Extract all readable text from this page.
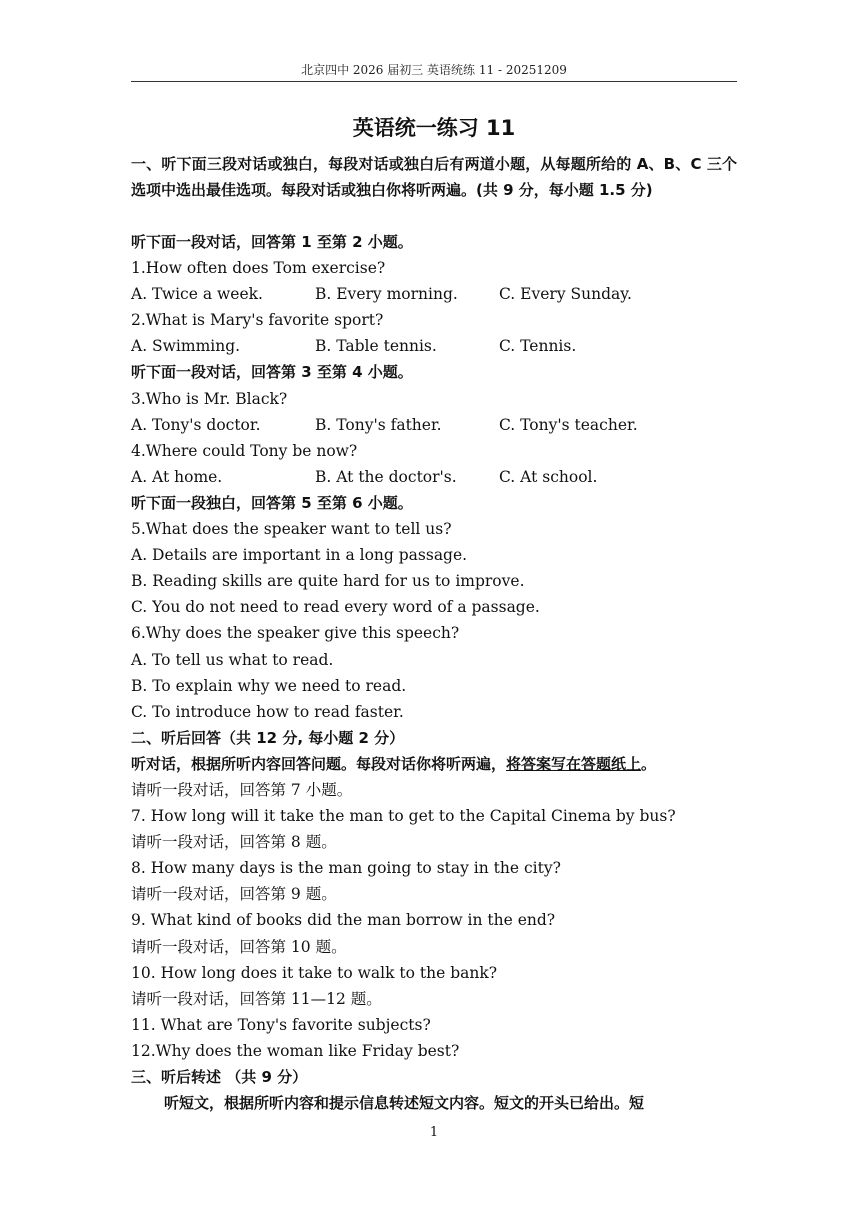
北京四中 2026 届初三 英语统练 11 - 20251209
英语统一练习 11
一、听下面三段对话或独白，每段对话或独白后有两道小题，从每题所给的 A、B、C 三个选项中选出最佳选项。每段对话或独白你将听两遍。(共 9 分，每小题 1.5 分)
听下面一段对话，回答第 1 至第 2 小题。
1.How often does Tom exercise?
A. Twice a week.	B. Every morning.	C. Every Sunday.
2.What is Mary's favorite sport?
A. Swimming.	B. Table tennis.	C. Tennis.
听下面一段对话，回答第 3 至第 4 小题。
3.Who is Mr. Black?
A. Tony's doctor.	B. Tony's father.	C. Tony's teacher.
4.Where could Tony be now?
A. At home.	B. At the doctor's.	C. At school.
听下面一段独白，回答第 5 至第 6 小题。
5.What does the speaker want to tell us?
A. Details are important in a long passage.
B. Reading skills are quite hard for us to improve.
C. You do not need to read every word of a passage.
6.Why does the speaker give this speech?
A. To tell us what to read.
B. To explain why we need to read.
C. To introduce how to read faster.
二、听后回答（共 12 分, 每小题 2 分）
听对话，根据所听内容回答问题。每段对话你将听两遍，将答案写在答题纸上。
请听一段对话，回答第 7 小题。
7. How long will it take the man to get to the Capital Cinema by bus?
请听一段对话，回答第 8 题。
8. How many days is the man going to stay in the city?
请听一段对话，回答第 9 题。
9. What kind of books did the man borrow in the end?
请听一段对话，回答第 10 题。
10. How long does it take to walk to the bank?
请听一段对话，回答第 11—12 题。
11. What are Tony's favorite subjects?
12.Why does the woman like Friday best?
三、听后转述 （共 9 分）
听短文，根据所听内容和提示信息转述短文内容。短文的开头已给出。短
1
